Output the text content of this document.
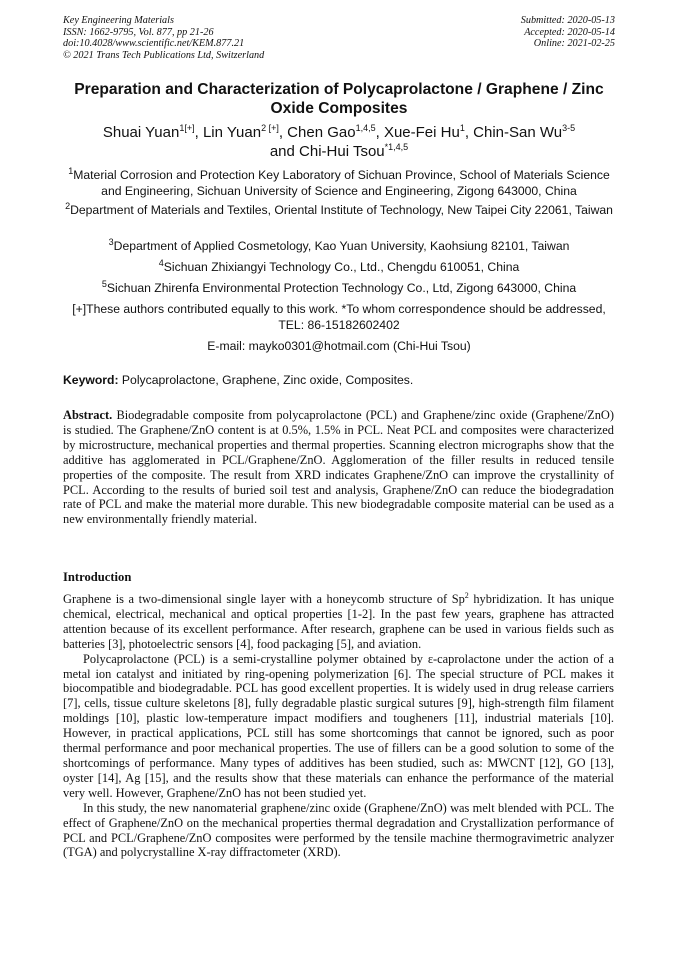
Key Engineering Materials
ISSN: 1662-9795, Vol. 877, pp 21-26
doi:10.4028/www.scientific.net/KEM.877.21
© 2021 Trans Tech Publications Ltd, Switzerland
Submitted: 2020-05-13
Accepted: 2020-05-14
Online: 2021-02-25
Preparation and Characterization of Polycaprolactone / Graphene / Zinc Oxide Composites
Shuai Yuan$^{1[+]}$, Lin Yuan$^{2 [+]}$, Chen Gao$^{1,4,5}$, Xue-Fei Hu$^1$, Chin-San Wu$^{3-5}$
and Chi-Hui Tsou$^{*1,4,5}$
$^1$Material Corrosion and Protection Key Laboratory of Sichuan Province, School of Materials Science and Engineering, Sichuan University of Science and Engineering, Zigong 643000, China
$^2$Department of Materials and Textiles, Oriental Institute of Technology, New Taipei City 22061, Taiwan
$^3$Department of Applied Cosmetology, Kao Yuan University, Kaohsiung 82101, Taiwan
$^4$Sichuan Zhixiangyi Technology Co., Ltd., Chengdu 610051, China
$^5$Sichuan Zhirenfa Environmental Protection Technology Co., Ltd, Zigong 643000, China
[+]These authors contributed equally to this work. *To whom correspondence should be addressed, TEL: 86-15182602402
E-mail: mayko0301@hotmail.com (Chi-Hui Tsou)
Keyword: Polycaprolactone, Graphene, Zinc oxide, Composites.

Abstract. Biodegradable composite from polycaprolactone (PCL) and Graphene/zinc oxide (Graphene/ZnO) is studied. The Graphene/ZnO content is at 0.5%, 1.5% in PCL. Neat PCL and composites were characterized by microstructure, mechanical properties and thermal properties. Scanning electron micrographs show that the additive has agglomerated in PCL/Graphene/ZnO. Agglomeration of the filler results in reduced tensile properties of the composite. The result from XRD indicates Graphene/ZnO can improve the crystallinity of PCL. According to the results of buried soil test and analysis, Graphene/ZnO can reduce the biodegradation rate of PCL and make the material more durable. This new biodegradable composite material can be used as a new environmentally friendly material.

Introduction

Graphene is a two-dimensional single layer with a honeycomb structure of Sp$^2$ hybridization. It has unique chemical, electrical, mechanical and optical properties [1-2]. In the past few years, graphene has attracted attention because of its excellent performance. After research, graphene can be used in various fields such as batteries [3], photoelectric sensors [4], food packaging [5], and aviation.

Polycaprolactone (PCL) is a semi-crystalline polymer obtained by ε-caprolactone under the action of a metal ion catalyst and initiated by ring-opening polymerization [6]. The special structure of PCL makes it biocompatible and biodegradable. PCL has good excellent properties. It is widely used in drug release carriers [7], cells, tissue culture skeletons [8], fully degradable plastic surgical sutures [9], high-strength film filament moldings [10], plastic low-temperature impact modifiers and tougheners [11], industrial materials [10]. However, in practical applications, PCL still has some shortcomings that cannot be ignored, such as poor thermal performance and poor mechanical properties. The use of fillers can be a good solution to some of the shortcomings of performance. Many types of additives has been studied, such as: MWCNT [12], GO [13], oyster [14], Ag [15], and the results show that these materials can enhance the performance of the material very well. However, Graphene/ZnO has not been studied yet.

In this study, the new nanomaterial graphene/zinc oxide (Graphene/ZnO) was melt blended with PCL. The effect of Graphene/ZnO on the mechanical properties thermal degradation and Crystallization performance of PCL and PCL/Graphene/ZnO composites were performed by the tensile machine thermogravimetric analyzer (TGA) and polycrystalline X-ray diffractometer (XRD).
